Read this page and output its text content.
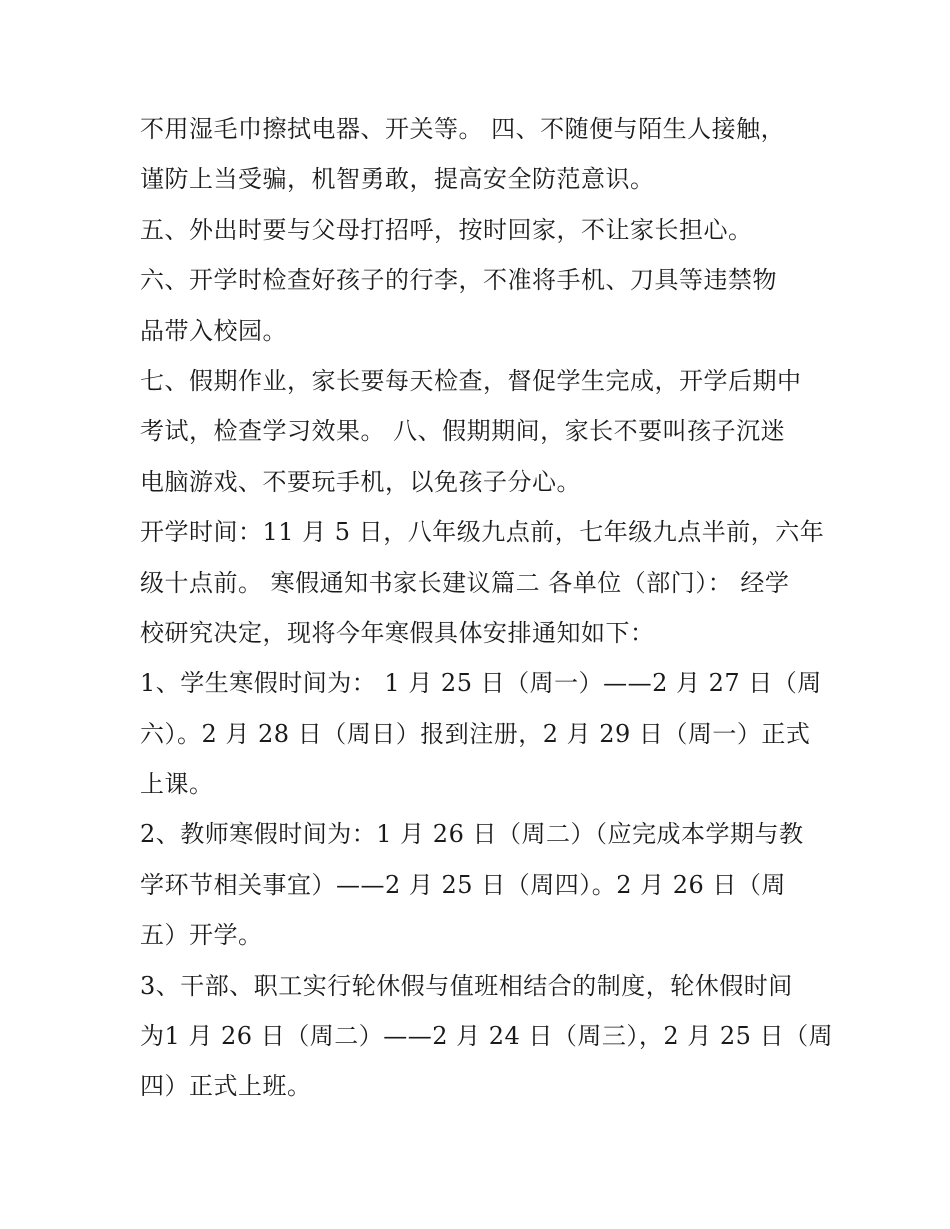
不用湿毛巾擦拭电器、开关等。 四、不随便与陌生人接触，
谨防上当受骗，机智勇敢，提高安全防范意识。
五、外出时要与父母打招呼，按时回家，不让家长担心。
六、开学时检查好孩子的行李，不准将手机、刀具等违禁物
品带入校园。
七、假期作业，家长要每天检查，督促学生完成，开学后期中
考试，检查学习效果。 八、假期期间，家长不要叫孩子沉迷
电脑游戏、不要玩手机，以免孩子分心。
开学时间：11 月 5 日，八年级九点前，七年级九点半前，六年
级十点前。 寒假通知书家长建议篇二 各单位（部门）： 经学
校研究决定，现将今年寒假具体安排通知如下：
1、学生寒假时间为： 1 月 25 日（周一）——2 月 27 日（周
六）。2 月 28 日（周日）报到注册，2 月 29 日（周一）正式
上课。
2、教师寒假时间为：1 月 26 日（周二）（应完成本学期与教
学环节相关事宜）——2 月 25 日（周四）。2 月 26 日（周
五）开学。
3、干部、职工实行轮休假与值班相结合的制度，轮休假时间
为1 月 26 日（周二）——2 月 24 日（周三），2 月 25 日（周
四）正式上班。
